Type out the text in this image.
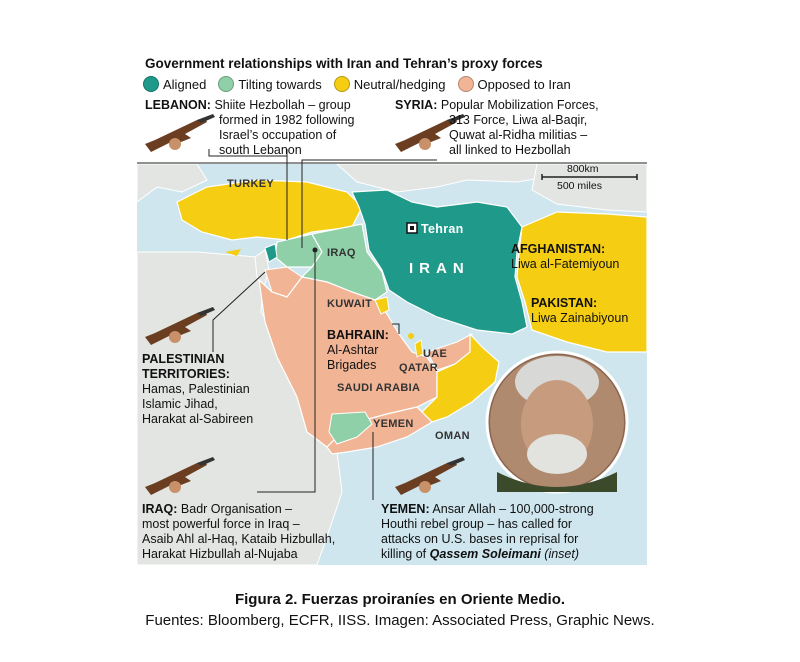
Government relationships with Iran and Tehran’s proxy forces
Aligned Tilting towards Neutral/hedging Opposed to Iran
LEBANON: Shiite Hezbollah – group
formed in 1982 following
Israel’s occupation of
south Lebanon
SYRIA: Popular Mobilization Forces,
313 Force, Liwa al-Baqir,
Quwat al-Ridha militias –
all linked to Hezbollah
PALESTINIAN
TERRITORIES:
Hamas, Palestinian
Islamic Jihad,
Harakat al-Sabireen
AFGHANISTAN:
Liwa al-Fatemiyoun
PAKISTAN:
Liwa Zainabiyoun
BAHRAIN:
Al-Ashtar
Brigades
IRAQ: Badr Organisation –
most powerful force in Iraq –
Asaib Ahl al-Haq, Kataib Hizbullah,
Harakat Hizbullah al-Nujaba
YEMEN: Ansar Allah – 100,000-strong
Houthi rebel group – has called for
attacks on U.S. bases in reprisal for
killing of Qassem Soleimani (inset)
TURKEY
IRAQ
IRAN
Tehran
KUWAIT
UAE
QATAR
SAUDI ARABIA
YEMEN
OMAN
800km
500 miles
Figura 2. Fuerzas proiraníes en Oriente Medio.
Fuentes: Bloomberg, ECFR, IISS. Imagen: Associated Press, Graphic News.
